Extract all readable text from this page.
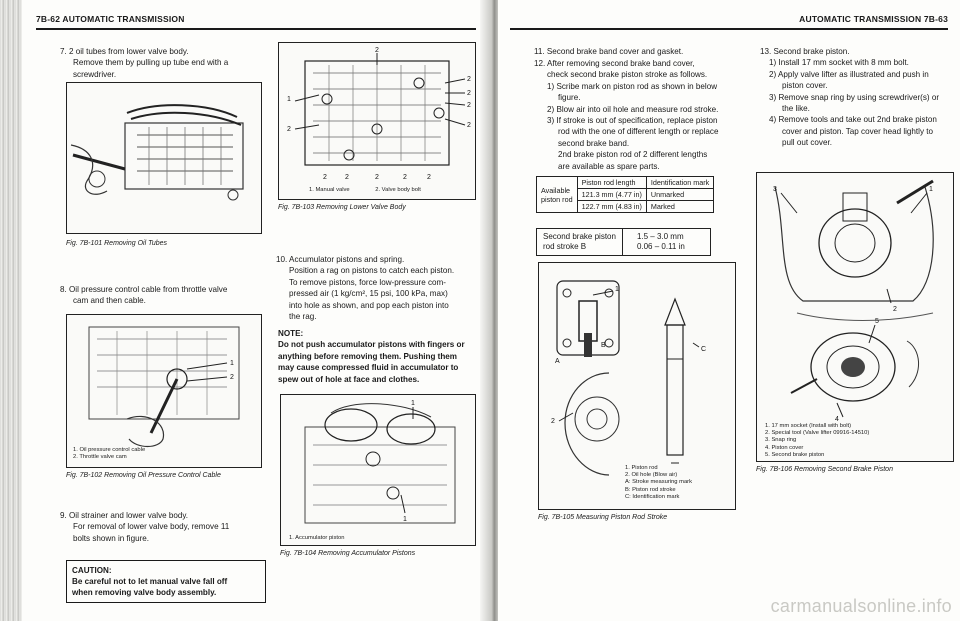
7B-62 AUTOMATIC TRANSMISSION

7. 2 oil tubes from lower valve body.

Remove them by pulling up tube end with a screwdriver.

Fig. 7B-101 Removing Oil Tubes

8. Oil pressure control cable from throttle valve

cam and then cable.

1
2
1. Oil pressure control cable
2. Throttle valve cam
Fig. 7B-102 Removing Oil Pressure Control Cable

9. Oil strainer and lower valve body.

For removal of lower valve body, remove 11

bolts shown in figure.

CAUTION:
Be careful not to let manual valve fall off
when removing valve body assembly.
2
1
2
2
2
2
2
2	2	2	2	2
1. Manual valve	2. Valve body bolt
Fig. 7B-103 Removing Lower Valve Body

10. Accumulator pistons and spring.

Position a rag on pistons to catch each piston.

To remove pistons, force low-pressure com-

pressed air (1 kg/cm², 15 psi, 100 kPa, max)

into hole as shown, and pop each piston into

the rag.

NOTE:

Do not push accumulator pistons with fingers or

anything before removing them. Pushing them

may cause compressed fluid in accumulator to

spew out of hole at face and clothes.

1
1
1. Accumulator piston
Fig. 7B-104 Removing Accumulator Pistons
AUTOMATIC TRANSMISSION 7B-63

11. Second brake band cover and gasket.

12. After removing second brake band cover,

check second brake piston stroke as follows.

1) Scribe mark on piston rod as shown in below

figure.

2) Blow air into oil hole and measure rod stroke.

3) If stroke is out of specification, replace piston

rod with the one of different length or replace

second brake band.

2nd brake piston rod of 2 different lengths

are available as spare parts.

Available
piston rod	Piston rod length	Identification mark
	121.3 mm (4.77 in)	Unmarked
	122.7 mm (4.83 in)	Marked
Second brake piston
rod stroke B

1.5 – 3.0 mm
0.06 – 0.11 in
1
B
C
A
2
1. Piston rod
2. Oil hole (Blow air)
A: Stroke measuring mark
B: Piston rod stroke
C: Identification mark
Fig. 7B-105 Measuring Piston Rod Stroke

13. Second brake piston.

1) Install 17 mm socket with 8 mm bolt.

2) Apply valve lifter as illustrated and push in

piston cover.

3) Remove snap ring by using screwdriver(s) or

the like.

4) Remove tools and take out 2nd brake piston

cover and piston. Tap cover head lightly to

pull out cover.

3	1
2
5
4
1. 17 mm socket (Install with bolt)
2. Special tool (Valve lifter 09916-14510)
3. Snap ring
4. Piston cover
5. Second brake piston
Fig. 7B-106 Removing Second Brake Piston
carmanualsonline.info
